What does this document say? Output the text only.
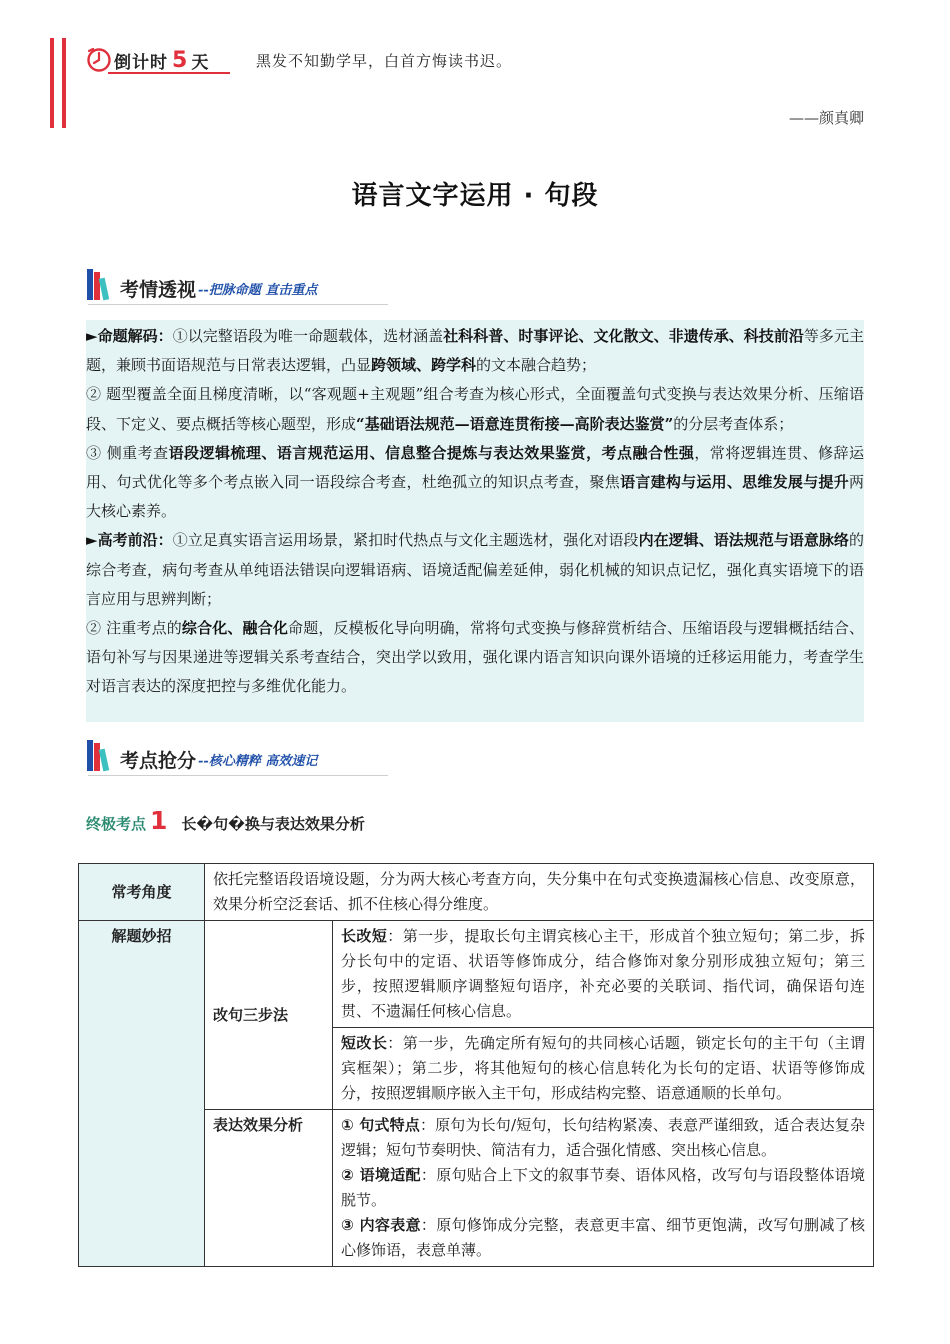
倒计时 5 天	黑发不知勤学早，白首方悔读书迟。
——颜真卿
语言文字运用 · 句段
考情透视 --把脉命题 直击重点

►命题解码：①以完整语段为唯一命题载体，选材涵盖社科科普、时事评论、文化散文、非遗传承、科技前沿等多元主题，兼顾书面语规范与日常表达逻辑，凸显跨领域、跨学科的文本融合趋势；

② 题型覆盖全面且梯度清晰，以“客观题+主观题”组合考查为核心形式，全面覆盖句式变换与表达效果分析、压缩语段、下定义、要点概括等核心题型，形成“基础语法规范—语意连贯衔接—高阶表达鉴赏”的分层考查体系；

③ 侧重考查语段逻辑梳理、语言规范运用、信息整合提炼与表达效果鉴赏，考点融合性强，常将逻辑连贯、修辞运用、句式优化等多个考点嵌入同一语段综合考查，杜绝孤立的知识点考查，聚焦语言建构与运用、思维发展与提升两大核心素养。

►高考前沿：①立足真实语言运用场景，紧扣时代热点与文化主题选材，强化对语段内在逻辑、语法规范与语意脉络的综合考查，病句考查从单纯语法错误向逻辑语病、语境适配偏差延伸，弱化机械的知识点记忆，强化真实语境下的语言应用与思辨判断；

② 注重考点的综合化、融合化命题，反模板化导向明确，常将句式变换与修辞赏析结合、压缩语段与逻辑概括结合、语句补写与因果递进等逻辑关系考查结合，突出学以致用，强化课内语言知识向课外语境的迁移运用能力，考查学生对语言表达的深度把控与多维优化能力。

考点抢分 --核心精粹 高效速记
终极考点 1 长�句�换与表达效果分析
常考角度	依托完整语段语境设题，分为两大核心考查方向，失分集中在句式变换遗漏核心信息、改变原意，效果分析空泛套话、抓不住核心得分维度。	
解题妙招	改句三步法	长改短：第一步，提取长句主谓宾核心主干，形成首个独立短句；第二步，拆分长句中的定语、状语等修饰成分，结合修饰对象分别形成独立短句；第三步，按照逻辑顺序调整短句语序，补充必要的关联词、指代词，确保语句连贯、不遗漏任何核心信息。
		短改长：第一步，先确定所有短句的共同核心话题，锁定长句的主干句（主谓宾框架）；第二步，将其他短句的核心信息转化为长句的定语、状语等修饰成分，按照逻辑顺序嵌入主干句，形成结构完整、语意通顺的长单句。
	表达效果分析	① 句式特点：原句为长句/短句，长句结构紧凑、表意严谨细致，适合表达复杂逻辑；短句节奏明快、简洁有力，适合强化情感、突出核心信息。
② 语境适配：原句贴合上下文的叙事节奏、语体风格，改写句与语段整体语境脱节。
③ 内容表意：原句修饰成分完整，表意更丰富、细节更饱满，改写句删减了核心修饰语，表意单薄。
